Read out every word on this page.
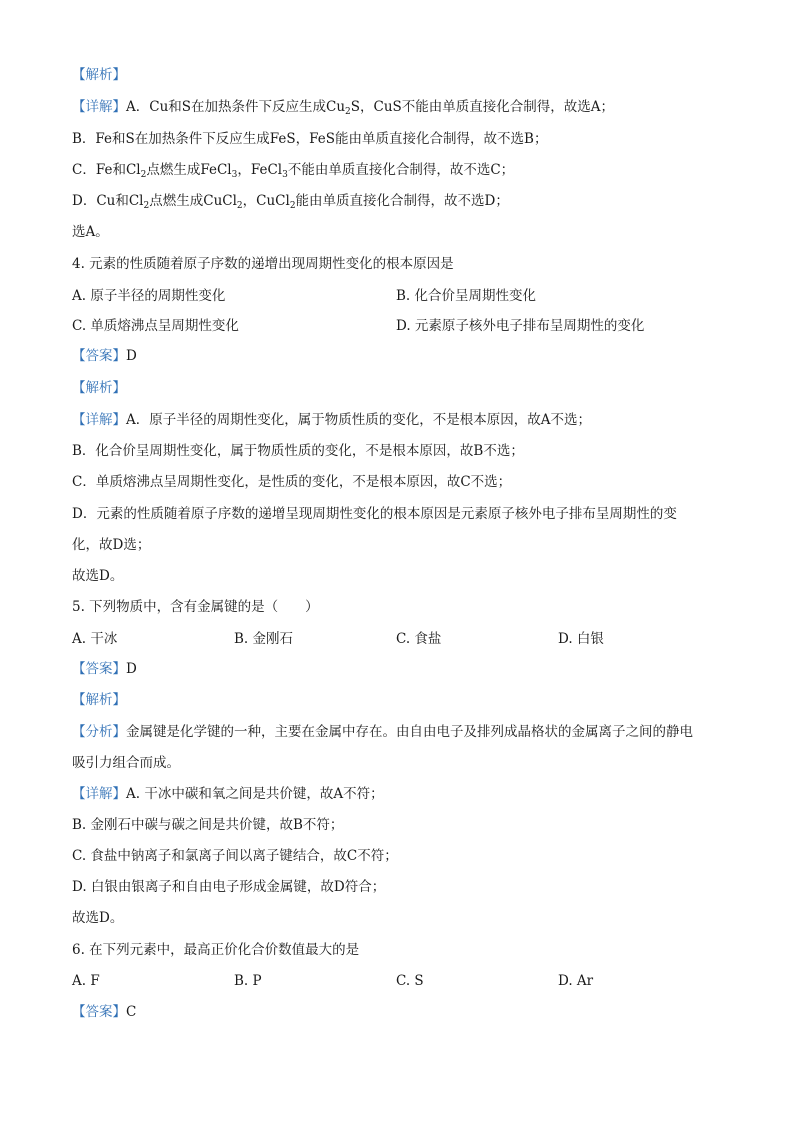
【解析】
【详解】A．Cu和S在加热条件下反应生成$Cu_2S$，CuS不能由单质直接化合制得，故选A；
B．Fe和S在加热条件下反应生成FeS，FeS能由单质直接化合制得，故不选B；
C．Fe和$Cl_2$点燃生成FeCl$_3$，FeCl$_3$不能由单质直接化合制得，故不选C；
D．Cu和$Cl_2$点燃生成CuCl$_2$，CuCl$_2$能由单质直接化合制得，故不选D；
选A。
4. 元素的性质随着原子序数的递增出现周期性变化的根本原因是
A. 原子半径的周期性变化	B. 化合价呈周期性变化
C. 单质熔沸点呈周期性变化	D. 元素原子核外电子排布呈周期性的变化
【答案】D
【解析】
【详解】A．原子半径的周期性变化，属于物质性质的变化，不是根本原因，故A不选；
B．化合价呈周期性变化，属于物质性质的变化，不是根本原因，故B不选；
C．单质熔沸点呈周期性变化，是性质的变化，不是根本原因，故C不选；
D．元素的性质随着原子序数的递增呈现周期性变化的根本原因是元素原子核外电子排布呈周期性的变
化，故D选；
故选D。
5. 下列物质中，含有金属键的是（　　）
A. 干冰	B. 金刚石	C. 食盐	D. 白银
【答案】D
【解析】
【分析】金属键是化学键的一种，主要在金属中存在。由自由电子及排列成晶格状的金属离子之间的静电
吸引力组合而成。
【详解】A. 干冰中碳和氧之间是共价键，故A不符；
B. 金刚石中碳与碳之间是共价键，故B不符；
C. 食盐中钠离子和氯离子间以离子键结合，故C不符；
D. 白银由银离子和自由电子形成金属键，故D符合；
故选D。
6. 在下列元素中，最高正价化合价数值最大的是
A. F	B. P	C. S	D. Ar
【答案】C
